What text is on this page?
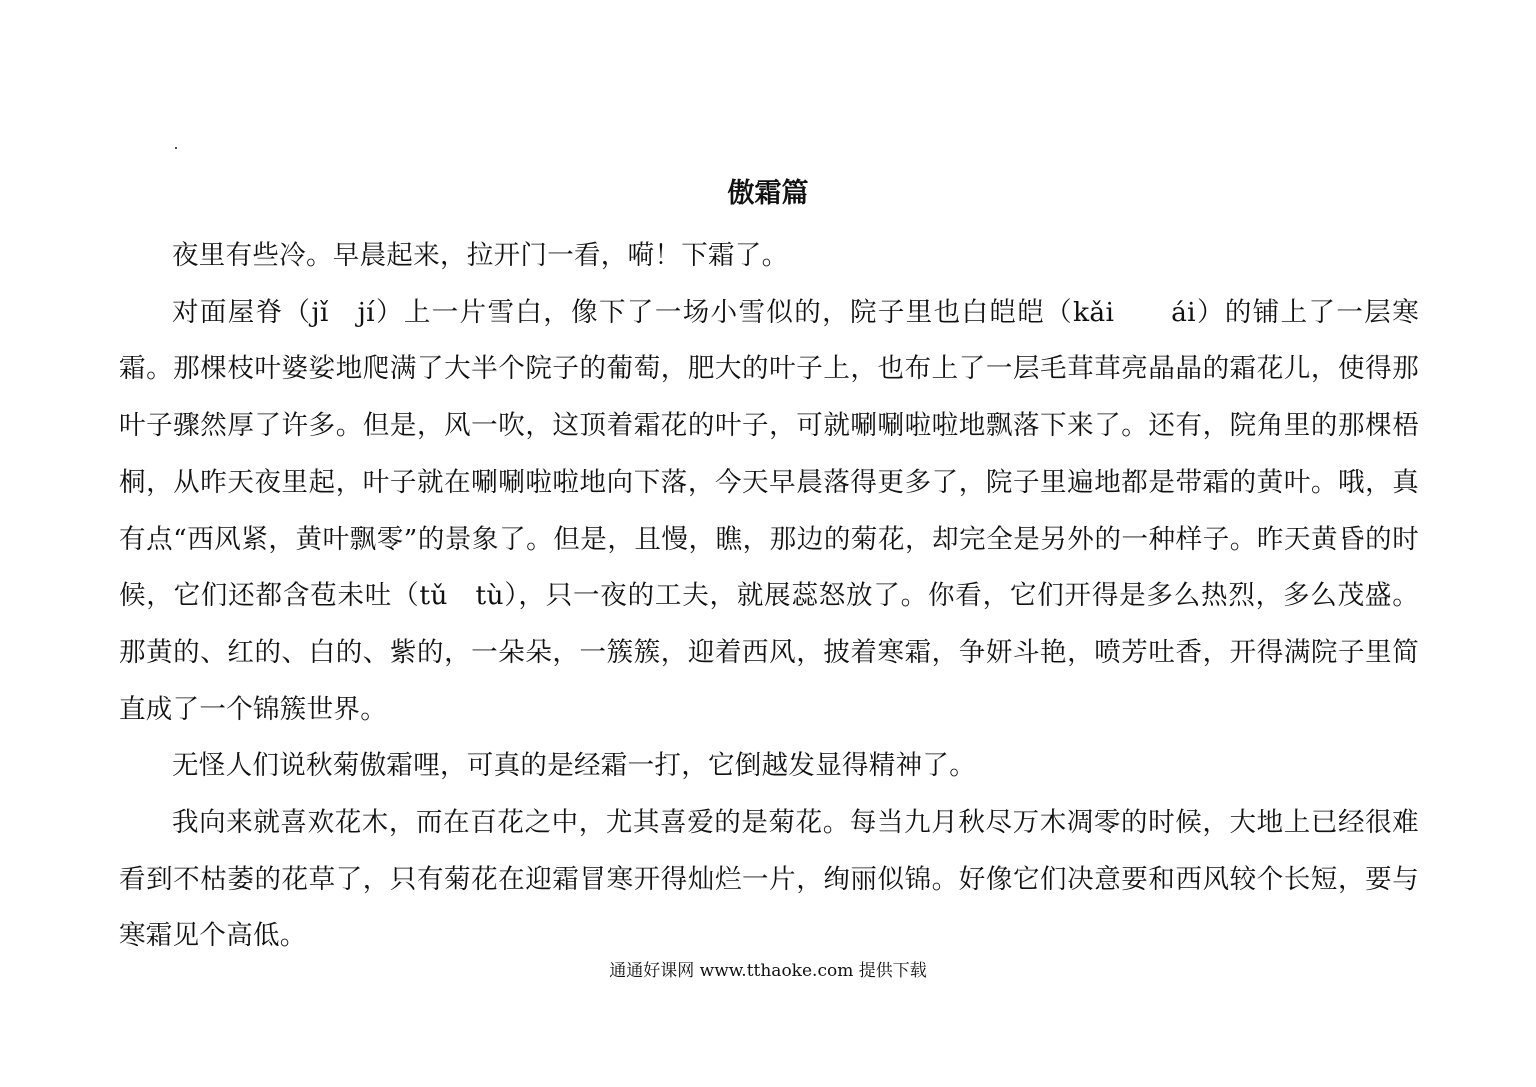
傲霜篇

夜里有些冷。早晨起来，拉开门一看，嗬！下霜了。

对面屋脊（jǐ　jí）上一片雪白，像下了一场小雪似的，院子里也白皑皑（kǎi　　ái）的铺上了一层寒霜。那棵枝叶婆娑地爬满了大半个院子的葡萄，肥大的叶子上，也布上了一层毛茸茸亮晶晶的霜花儿，使得那叶子骤然厚了许多。但是，风一吹，这顶着霜花的叶子，可就唰唰啦啦地飘落下来了。还有，院角里的那棵梧桐，从昨天夜里起，叶子就在唰唰啦啦地向下落，今天早晨落得更多了，院子里遍地都是带霜的黄叶。哦，真有点“西风紧，黄叶飘零”的景象了。但是，且慢，瞧，那边的菊花，却完全是另外的一种样子。昨天黄昏的时候，它们还都含苞未吐（tǔ　tù），只一夜的工夫，就展蕊怒放了。你看，它们开得是多么热烈，多么茂盛。那黄的、红的、白的、紫的，一朵朵，一簇簇，迎着西风，披着寒霜，争妍斗艳，喷芳吐香，开得满院子里简直成了一个锦簇世界。

无怪人们说秋菊傲霜哩，可真的是经霜一打，它倒越发显得精神了。

我向来就喜欢花木，而在百花之中，尤其喜爱的是菊花。每当九月秋尽万木凋零的时候，大地上已经很难看到不枯萎的花草了，只有菊花在迎霜冒寒开得灿烂一片，绚丽似锦。好像它们决意要和西风较个长短，要与寒霜见个高低。

通通好课网 www.tthaoke.com 提供下载
